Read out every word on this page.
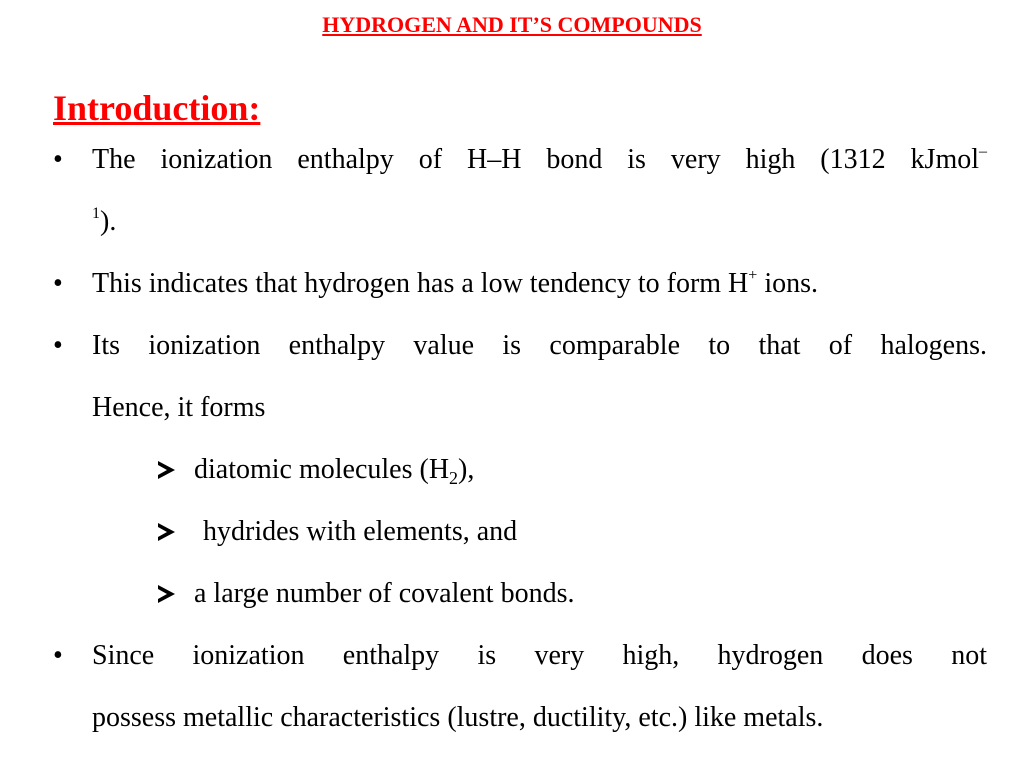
HYDROGEN AND IT’S COMPOUNDS
Introduction:
• The ionization enthalpy of H–H bond is very high (1312 kJmol–
$^1$).
• This indicates that hydrogen has a low tendency to form H+ ions.
• Its ionization enthalpy value is comparable to that of halogens.
Hence, it forms
diatomic molecules $(H_2)$,
hydrides with elements, and
a large number of covalent bonds.
• Since ionization enthalpy is very high, hydrogen does not
possess metallic characteristics (lustre, ductility, etc.) like metals.
